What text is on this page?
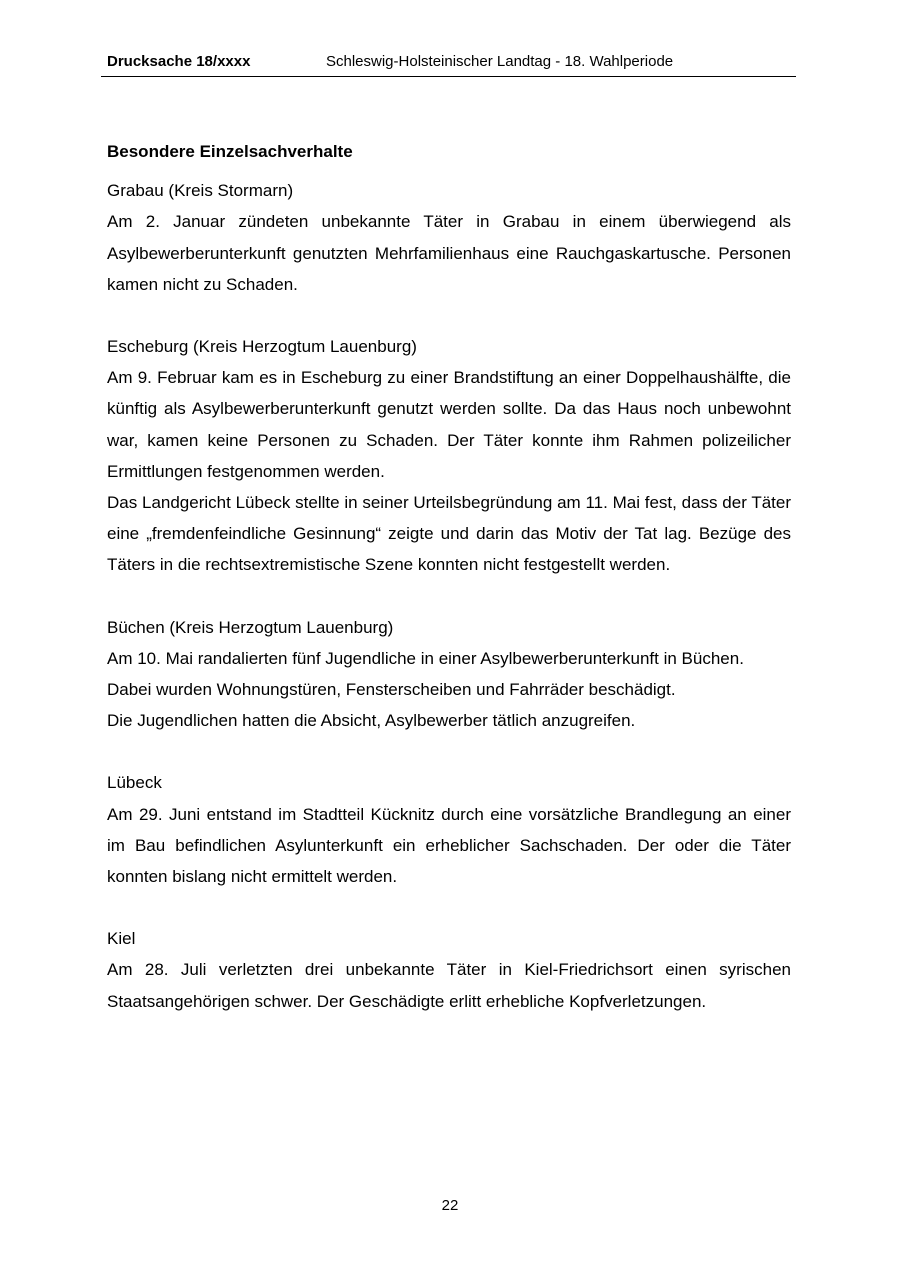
Drucksache 18/xxxx	Schleswig-Holsteinischer Landtag - 18. Wahlperiode
Besondere Einzelsachverhalte

Grabau (Kreis Stormarn)

Am 2. Januar zündeten unbekannte Täter in Grabau in einem überwiegend als Asylbewerberunterkunft genutzten Mehrfamilienhaus eine Rauchgaskartusche. Personen kamen nicht zu Schaden.

Escheburg (Kreis Herzogtum Lauenburg)

Am 9. Februar kam es in Escheburg zu einer Brandstiftung an einer Doppelhaushälfte, die künftig als Asylbewerberunterkunft genutzt werden sollte. Da das Haus noch unbewohnt war, kamen keine Personen zu Schaden. Der Täter konnte ihm Rahmen polizeilicher Ermittlungen festgenommen werden.

Das Landgericht Lübeck stellte in seiner Urteilsbegründung am 11. Mai fest, dass der Täter eine „fremdenfeindliche Gesinnung“ zeigte und darin das Motiv der Tat lag. Bezüge des Täters in die rechtsextremistische Szene konnten nicht festgestellt werden.

Büchen (Kreis Herzogtum Lauenburg)

Am 10. Mai randalierten fünf Jugendliche in einer Asylbewerberunterkunft in Büchen.

Dabei wurden Wohnungstüren, Fensterscheiben und Fahrräder beschädigt.

Die Jugendlichen hatten die Absicht, Asylbewerber tätlich anzugreifen.

Lübeck

Am 29. Juni entstand im Stadtteil Kücknitz durch eine vorsätzliche Brandlegung an einer im Bau befindlichen Asylunterkunft ein erheblicher Sachschaden. Der oder die Täter konnten bislang nicht ermittelt werden.

Kiel

Am 28. Juli verletzten drei unbekannte Täter in Kiel-Friedrichsort einen syrischen Staatsangehörigen schwer. Der Geschädigte erlitt erhebliche Kopfverletzungen.

22
